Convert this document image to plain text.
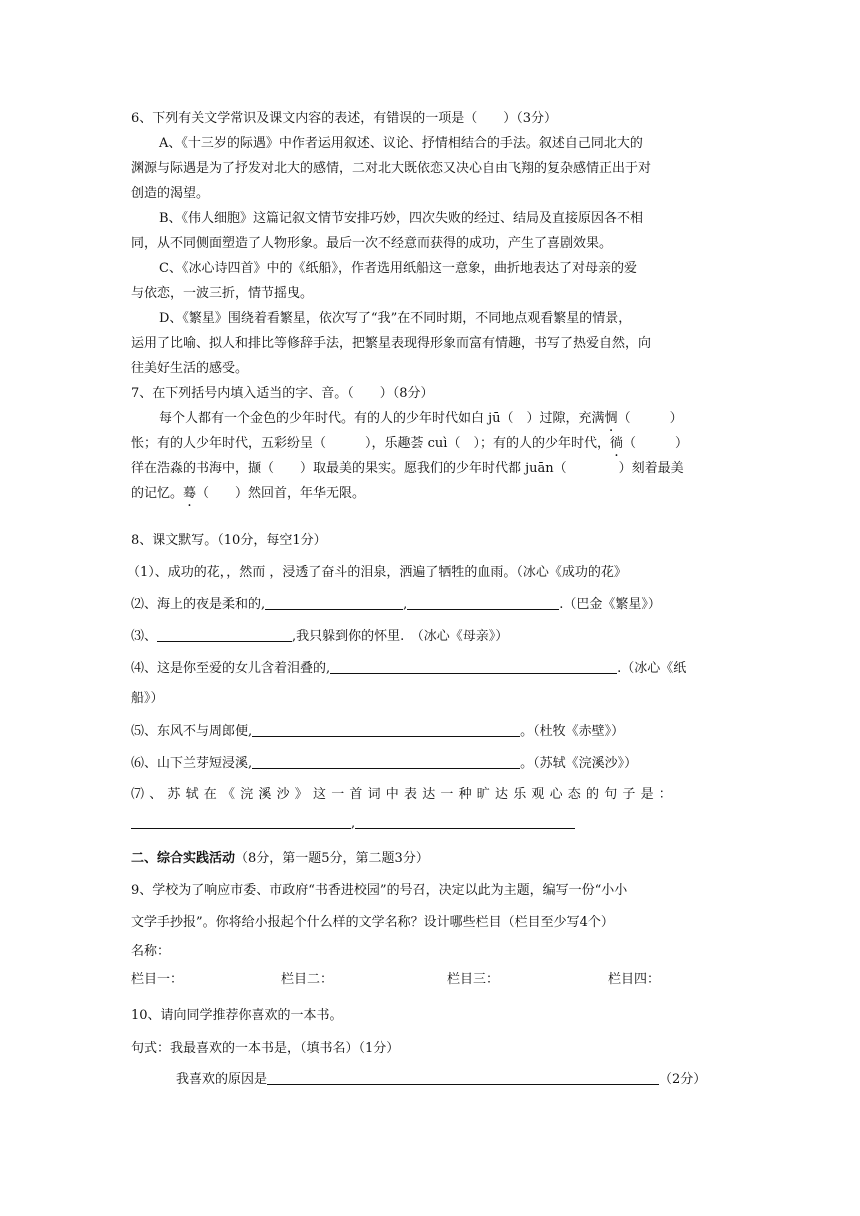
6、下列有关文学常识及课文内容的表述，有错误的一项是（　　）（3分）
A、《十三岁的际遇》中作者运用叙述、议论、抒情相结合的手法。叙述自己同北大的
渊源与际遇是为了抒发对北大的感情，二对北大既依恋又决心自由飞翔的复杂感情正出于对
创造的渴望。
B、《伟人细胞》这篇记叙文情节安排巧妙，四次失败的经过、结局及直接原因各不相
同，从不同侧面塑造了人物形象。最后一次不经意而获得的成功，产生了喜剧效果。
C、《冰心诗四首》中的《纸船》，作者选用纸船这一意象，曲折地表达了对母亲的爱
与依恋，一波三折，情节摇曳。
D、《繁星》围绕着看繁星，依次写了“我”在不同时期，不同地点观看繁星的情景，
运用了比喻、拟人和排比等修辞手法，把繁星表现得形象而富有情趣，书写了热爱自然，向
往美好生活的感受。
7、在下列括号内填入适当的字、音。（　　）（8分）
每个人都有一个金色的少年时代。有的人的少年时代如白 jū（　）过隙，充满惆（　　　）
怅；有的人少年时代，五彩纷呈（　　　），乐趣荟 cuì（　）；有的人的少年时代，徜（　　　）
徉在浩淼的书海中，撷（　　）取最美的果实。愿我们的少年时代都 juān（　　　　）刻着最美
的记忆。蓦（　　）然回首，年华无限。
8、课文默写。（10分，每空1分）
（1）、成功的花，，然而 ，浸透了奋斗的泪泉，洒遍了牺牲的血雨。（冰心《成功的花》
⑵、海上的夜是柔和的,	,	.（巴金《繁星》）
⑶、	,我只躲到你的怀里.　（冰心《母亲》）
⑷、这是你至爱的女儿含着泪叠的,	.（冰心《纸
船》）
⑸、东风不与周郎便,	。（杜牧《赤壁》）
⑹、山下兰芽短浸溪,	。（苏轼《浣溪沙》）
⑺、苏轼在《浣溪沙》这一首词中表达一种旷达乐观心态的句子是：
,
二、综合实践活动（8分，第一题5分，第二题3分）
9、学校为了响应市委、市政府“书香进校园”的号召，决定以此为主题，编写一份“小小
文学手抄报”。你将给小报起个什么样的文学名称？设计哪些栏目（栏目至少写4个）
名称：
栏目一：	栏目二：	栏目三：	栏目四：
10、请向同学推荐你喜欢的一本书。
句式：我最喜欢的一本书是，（填书名）（1分）
我喜欢的原因是	（2分）
